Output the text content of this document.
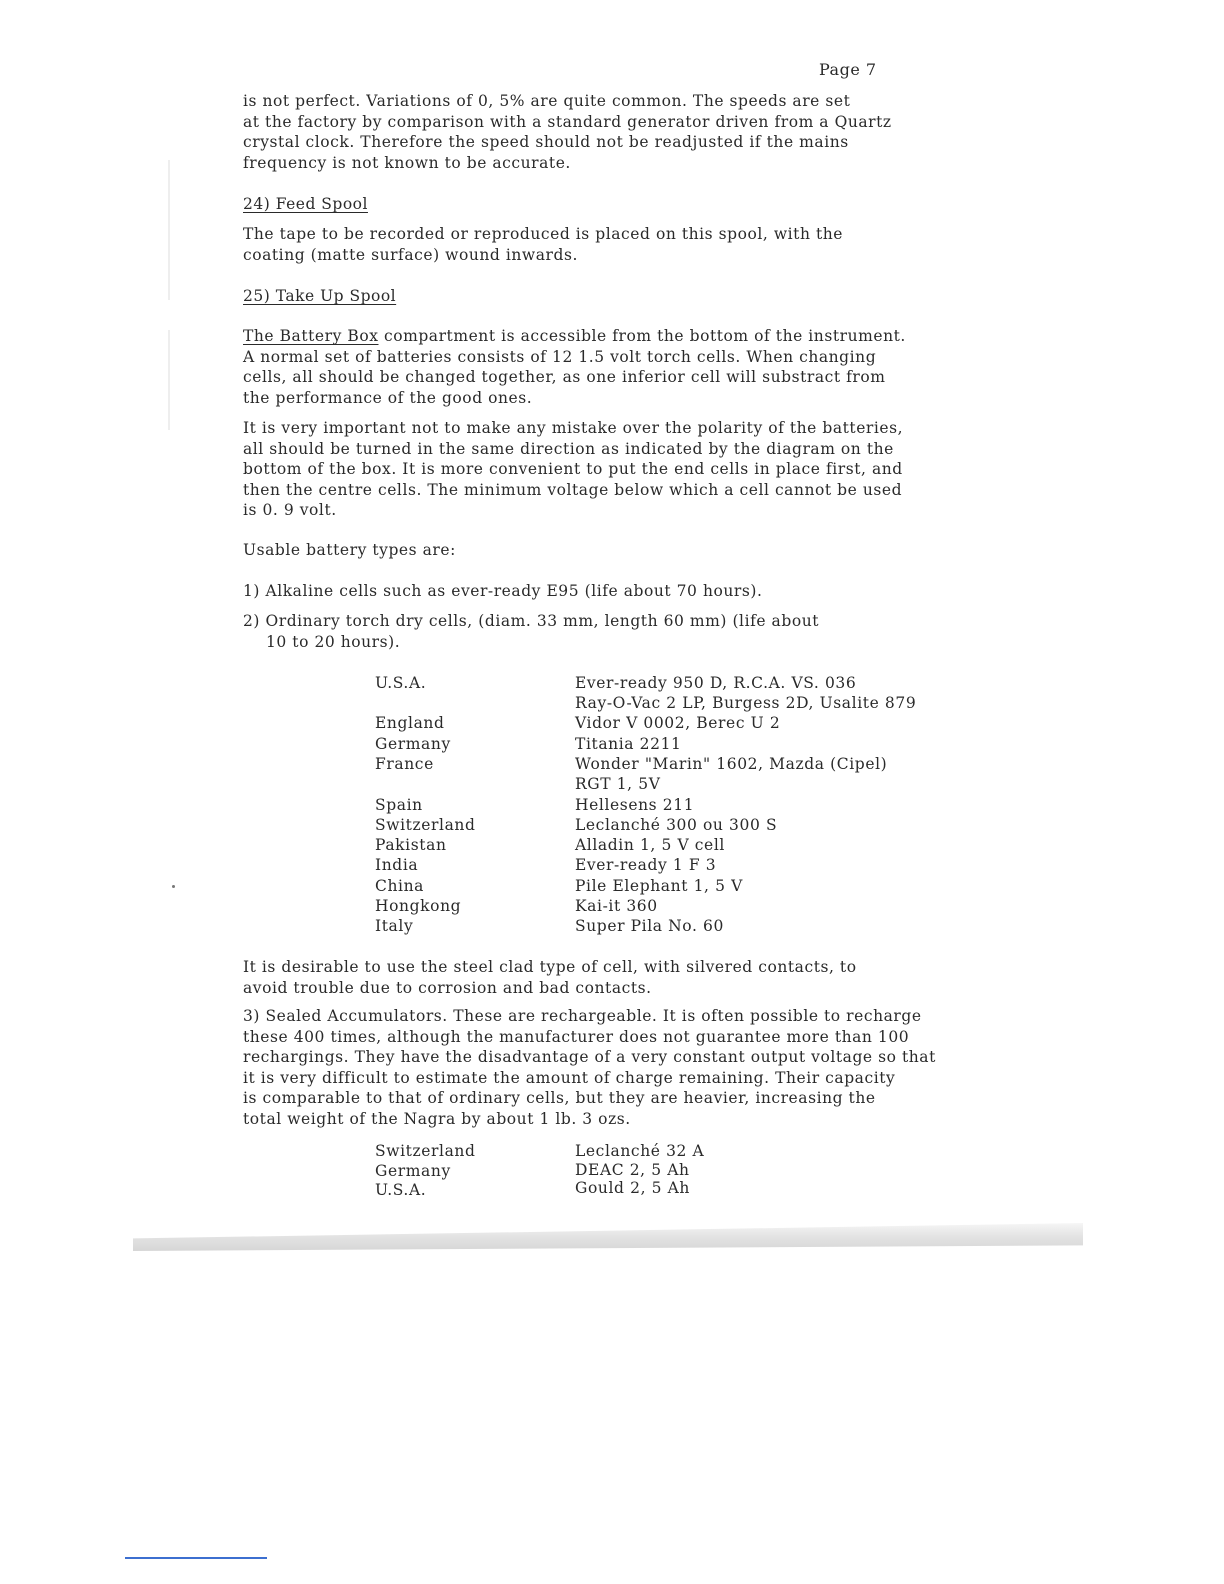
Page 7

is not perfect. Variations of 0, 5% are quite common. The speeds are set
at the factory by comparison with a standard generator driven from a Quartz
crystal clock. Therefore the speed should not be readjusted if the mains
frequency is not known to be accurate.

24) Feed Spool

The tape to be recorded or reproduced is placed on this spool, with the
coating (matte surface) wound inwards.

25) Take Up Spool

The Battery Box compartment is accessible from the bottom of the instrument.
A normal set of batteries consists of 12 1.5 volt torch cells. When changing
cells, all should be changed together, as one inferior cell will substract from
the performance of the good ones.

It is very important not to make any mistake over the polarity of the batteries,
all should be turned in the same direction as indicated by the diagram on the
bottom of the box. It is more convenient to put the end cells in place first, and
then the centre cells. The minimum voltage below which a cell cannot be used
is 0. 9 volt.

Usable battery types are:

1) Alkaline cells such as ever-ready E95 (life about 70 hours).

2) Ordinary torch dry cells, (diam. 33 mm, length 60 mm) (life about
10 to 20 hours).

U.S.A.	Ever-ready 950 D, R.C.A. VS. 036
Ray-O-Vac 2 LP, Burgess 2D, Usalite 879
England	Vidor V 0002, Berec U 2
Germany	Titania 2211
France	Wonder "Marin" 1602, Mazda (Cipel)
RGT 1, 5V
Spain	Hellesens 211
Switzerland	Leclanché 300 ou 300 S
Pakistan	Alladin 1, 5 V cell
India	Ever-ready 1 F 3
China	Pile Elephant 1, 5 V
Hongkong	Kai-it 360
Italy	Super Pila No. 60

It is desirable to use the steel clad type of cell, with silvered contacts, to
avoid trouble due to corrosion and bad contacts.

3) Sealed Accumulators. These are rechargeable. It is often possible to recharge
these 400 times, although the manufacturer does not guarantee more than 100
rechargings. They have the disadvantage of a very constant output voltage so that
it is very difficult to estimate the amount of charge remaining. Their capacity
is comparable to that of ordinary cells, but they are heavier, increasing the
total weight of the Nagra by about 1 lb. 3 ozs.

Switzerland	Leclanché 32 A
Germany	DEAC 2, 5 Ah
U.S.A.	Gould 2, 5 Ah
